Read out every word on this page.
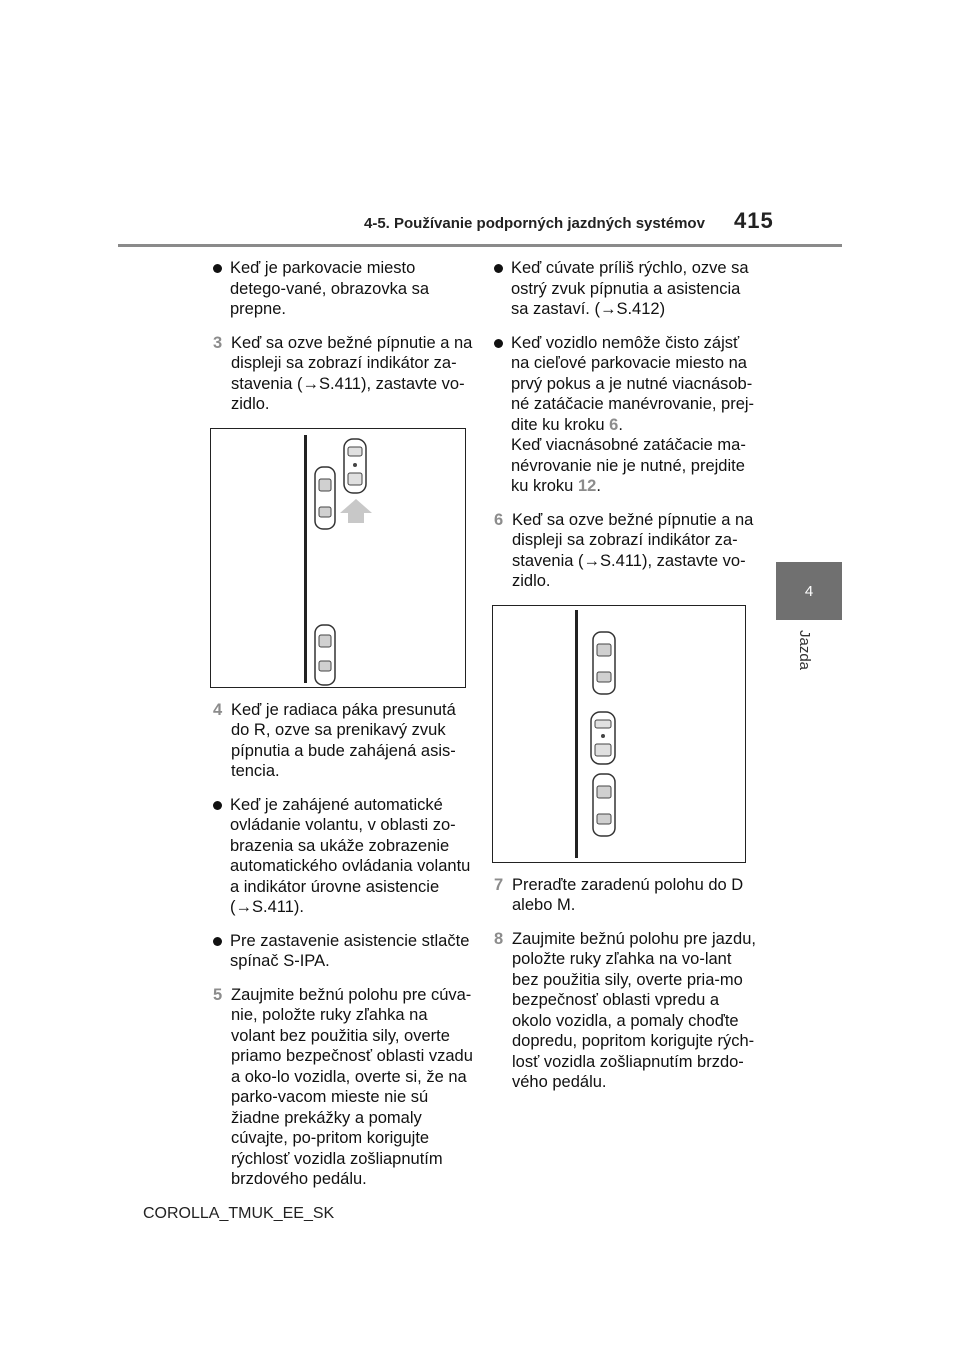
4-5. Používanie podporných jazdných systémov 415
4
Jazda
Keď je parkovacie miesto detego-vané, obrazovka sa prepne.
3 Keď sa ozve bežné pípnutie a na displeji sa zobrazí indikátor za-stavenia (→S.411), zastavte vo-zidlo.
4 Keď je radiaca páka presunutá do R, ozve sa prenikavý zvuk pípnutia a bude zahájená asis-tencia.
Keď je zahájené automatické ovládanie volantu, v oblasti zo-brazenia sa ukáže zobrazenie automatického ovládania volantu a indikátor úrovne asistencie (→S.411).
Pre zastavenie asistencie stlačte spínač S-IPA.
5 Zaujmite bežnú polohu pre cúva-nie, položte ruky zľahka na volant bez použitia sily, overte priamo bezpečnosť oblasti vzadu a oko-lo vozidla, overte si, že na parko-vacom mieste nie sú žiadne prekážky a pomaly cúvajte, po-pritom korigujte rýchlosť vozidla zošliapnutím brzdového pedálu.
Keď cúvate príliš rýchlo, ozve sa ostrý zvuk pípnutia a asistencia sa zastaví. (→S.412)
Keď vozidlo nemôže čisto zájsť na cieľové parkovacie miesto na prvý pokus a je nutné viacnásob-né zatáčacie manévrovanie, prej-dite ku kroku 6.
Keď viacnásobné zatáčacie ma-névrovanie nie je nutné, prejdite ku kroku 12.
6 Keď sa ozve bežné pípnutie a na displeji sa zobrazí indikátor za-stavenia (→S.411), zastavte vo-zidlo.
7 Preraďte zaradenú polohu do D alebo M.
8 Zaujmite bežnú polohu pre jazdu, položte ruky zľahka na vo-lant bez použitia sily, overte pria-mo bezpečnosť oblasti vpredu a okolo vozidla, a pomaly choďte dopredu, popritom korigujte rých-losť vozidla zošliapnutím brzdo-vého pedálu.
COROLLA_TMUK_EE_SK
